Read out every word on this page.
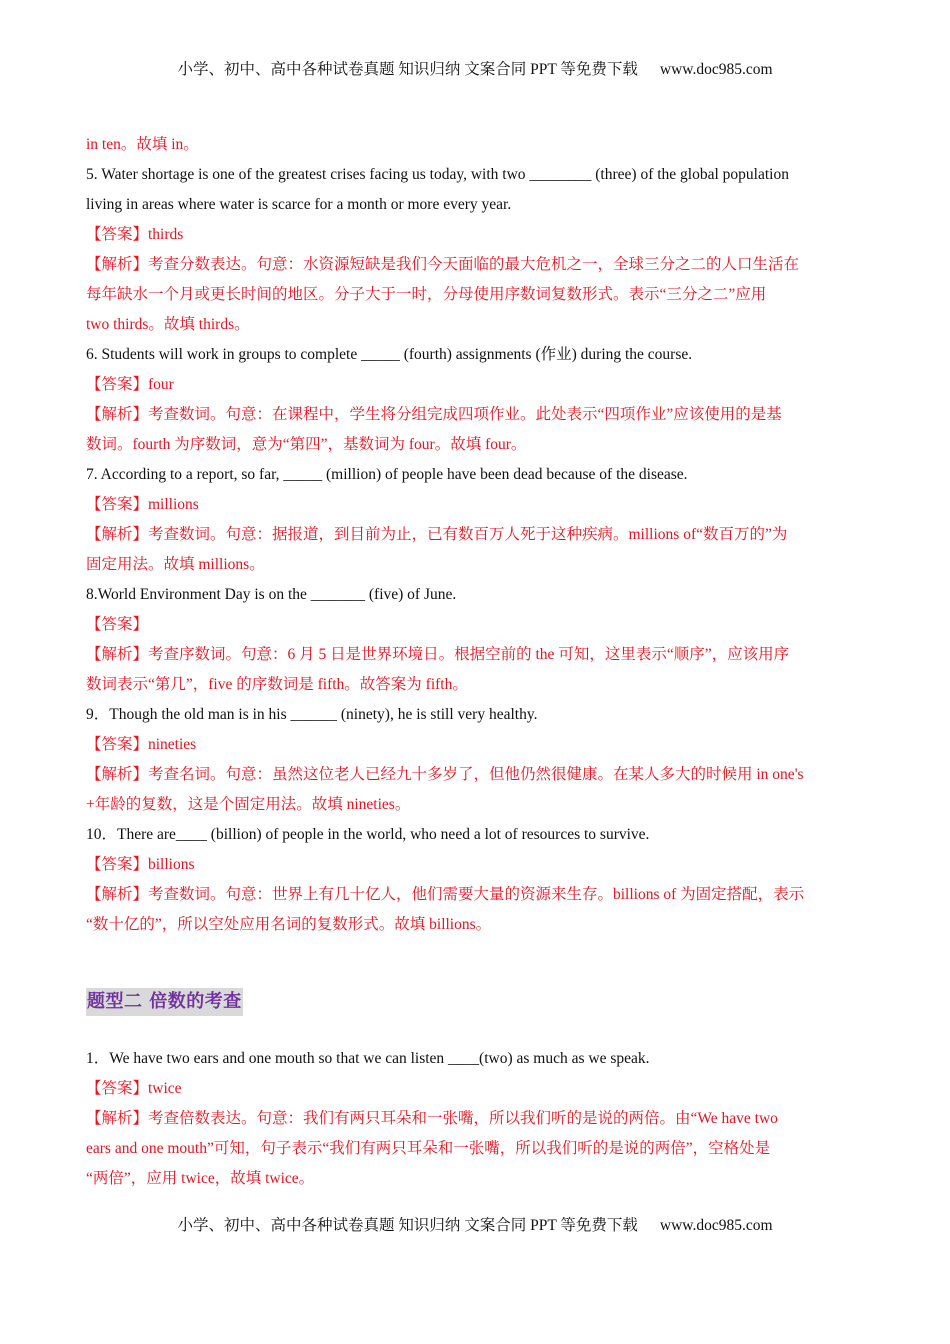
小学、初中、高中各种试卷真题 知识归纳 文案合同 PPT 等免费下载 www.doc985.com
in ten。故填 in。
5. Water shortage is one of the greatest crises facing us today, with two ________ (three) of the global population
living in areas where water is scarce for a month or more every year.
【答案】thirds
【解析】考查分数表达。句意：水资源短缺是我们今天面临的最大危机之一，全球三分之二的人口生活在
每年缺水一个月或更长时间的地区。分子大于一时，分母使用序数词复数形式。表示“三分之二”应用
two thirds。故填 thirds。
6. Students will work in groups to complete _____ (fourth) assignments (作业) during the course.
【答案】four
【解析】考查数词。句意：在课程中，学生将分组完成四项作业。此处表示“四项作业”应该使用的是基
数词。fourth 为序数词，意为“第四”，基数词为 four。故填 four。
7. According to a report, so far, _____ (million) of people have been dead because of the disease.
【答案】millions
【解析】考查数词。句意：据报道，到目前为止，已有数百万人死于这种疾病。millions of“数百万的”为
固定用法。故填 millions。
8.World Environment Day is on the _______ (five) of June.
【答案】
【解析】考查序数词。句意：6 月 5 日是世界环境日。根据空前的 the 可知，这里表示“顺序”，应该用序
数词表示“第几”，five 的序数词是 fifth。故答案为 fifth。
9．Though the old man is in his ______ (ninety), he is still very healthy.
【答案】nineties
【解析】考查名词。句意：虽然这位老人已经九十多岁了，但他仍然很健康。在某人多大的时候用 in one's
+年龄的复数，这是个固定用法。故填 nineties。
10．There are____ (billion) of people in the world, who need a lot of resources to survive.
【答案】billions
【解析】考查数词。句意：世界上有几十亿人，他们需要大量的资源来生存。billions of 为固定搭配，表示
“数十亿的”，所以空处应用名词的复数形式。故填 billions。
题型二 倍数的考查
1．We have two ears and one mouth so that we can listen ____(two) as much as we speak.
【答案】twice
【解析】考查倍数表达。句意：我们有两只耳朵和一张嘴，所以我们听的是说的两倍。由“We have two
ears and one mouth”可知，句子表示“我们有两只耳朵和一张嘴，所以我们听的是说的两倍”，空格处是
“两倍”，应用 twice，故填 twice。
小学、初中、高中各种试卷真题 知识归纳 文案合同 PPT 等免费下载 www.doc985.com
